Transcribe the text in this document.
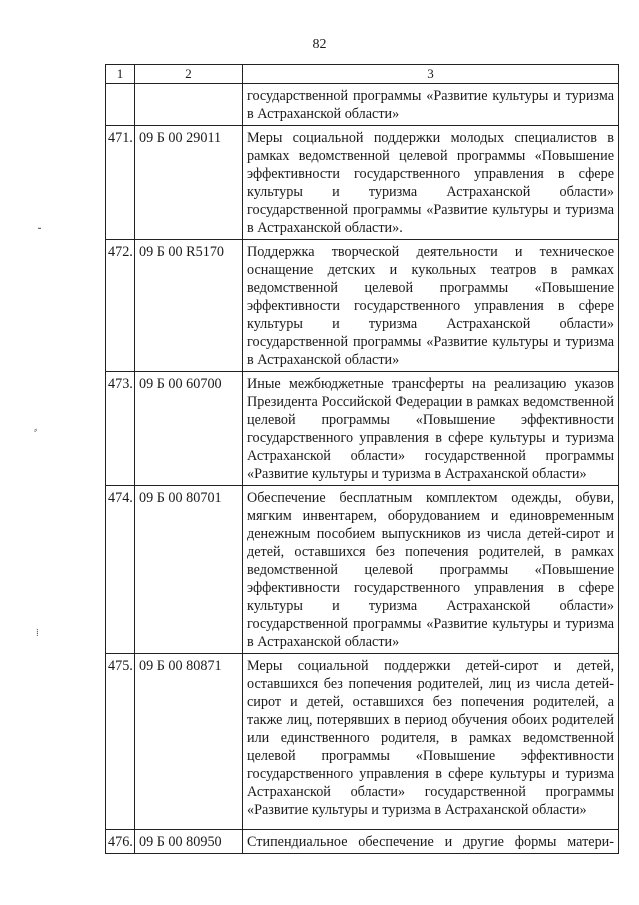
82
⁃
⸗
⁞
1	2	3
		государственной программы «Развитие культуры и туризма в Астраханской области»
471.	09 Б 00 29011	Меры социальной поддержки молодых специалистов в рамках ведомственной целевой программы «Повышение эффективности государственного управления в сфере культуры и туризма Астраханской области» государственной программы «Развитие культуры и туризма в Астраханской области».
472.	09 Б 00 R5170	Поддержка творческой деятельности и техническое оснащение детских и кукольных театров в рамках ведомственной целевой программы «Повышение эффективности государственного управления в сфере культуры и туризма Астраханской области» государственной программы «Развитие культуры и туризма в Астраханской области»
473.	09 Б 00 60700	Иные межбюджетные трансферты на реализацию указов Президента Российской Федерации в рамках ведомственной целевой программы «Повышение эффективности государственного управления в сфере культуры и туризма Астраханской области» государственной программы «Развитие культуры и туризма в Астраханской области»
474.	09 Б 00 80701	Обеспечение бесплатным комплектом одежды, обуви, мягким инвентарем, оборудованием и единовременным денежным пособием выпускников из числа детей-сирот и детей, оставшихся без попечения родителей, в рамках ведомственной целевой программы «Повышение эффективности государственного управления в сфере культуры и туризма Астраханской области» государственной программы «Развитие культуры и туризма в Астраханской области»
475.	09 Б 00 80871	Меры социальной поддержки детей-сирот и детей, оставшихся без попечения родителей, лиц из числа детей-сирот и детей, оставшихся без попечения родителей, а также лиц, потерявших в период обучения обоих родителей или единственного родителя, в рамках ведомственной целевой программы «Повышение эффективности государственного управления в сфере культуры и туризма Астраханской области» государственной программы «Развитие культуры и туризма в Астраханской области»
476.	09 Б 00 80950	Стипендиальное обеспечение и другие формы матери-
